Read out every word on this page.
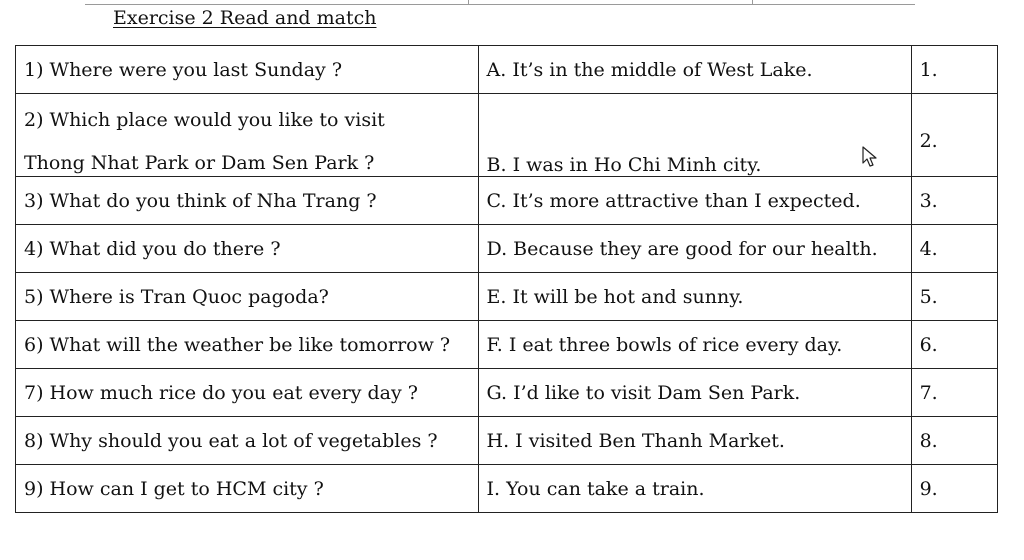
Exercise 2 Read and match
1) Where were you last Sunday ?	A. It’s in the middle of West Lake.	1.

2) Which place would you like to visit
Thong Nhat Park or Dam Sen Park ?	B. I was in Ho Chi Minh city.	2.

3) What do you think of Nha Trang ?	C. It’s more attractive than I expected.	3.
4) What did you do there ?	D. Because they are good for our health.	4.
5) Where is Tran Quoc pagoda?	E. It will be hot and sunny.	5.
6) What will the weather be like tomorrow ?	F. I eat three bowls of rice every day.	6.
7) How much rice do you eat every day ?	G. I’d like to visit Dam Sen Park.	7.
8) Why should you eat a lot of vegetables ?	H. I visited Ben Thanh Market.	8.
9) How can I get to HCM city ?	I. You can take a train.	9.
